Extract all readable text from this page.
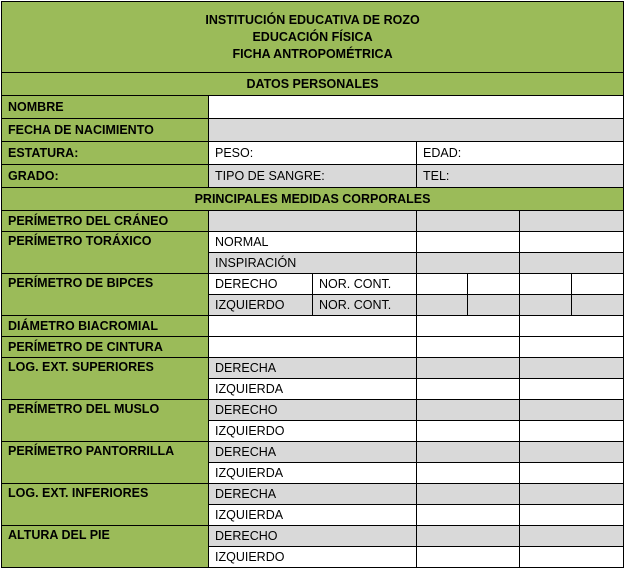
INSTITUCIÓN EDUCATIVA DE ROZO
EDUCACIÓN FÍSICA
FICHA ANTROPOMÉTRICA						

DATOS PERSONALES						
NOMBRE						
FECHA DE NACIMIENTO						
ESTATURA:	PESO:		EDAD:			
GRADO:	TIPO DE SANGRE:		TEL:			
PRINCIPALES MEDIDAS CORPORALES						
PERÍMETRO DEL CRÁNEO						
PERÍMETRO TORÁXICO	NORMAL					
	INSPIRACIÓN					
PERÍMETRO DE BIPCES	DERECHO	NOR. CONT.				
	IZQUIERDO	NOR. CONT.				
DIÁMETRO BIACROMIAL						
PERÍMETRO DE CINTURA						
LOG. EXT. SUPERIORES	DERECHA					
	IZQUIERDA					
PERÍMETRO DEL MUSLO	DERECHO					
	IZQUIERDO					
PERÍMETRO PANTORRILLA	DERECHA					
	IZQUIERDA					
LOG. EXT. INFERIORES	DERECHA					
	IZQUIERDA					
ALTURA DEL PIE	DERECHO					
	IZQUIERDO					
